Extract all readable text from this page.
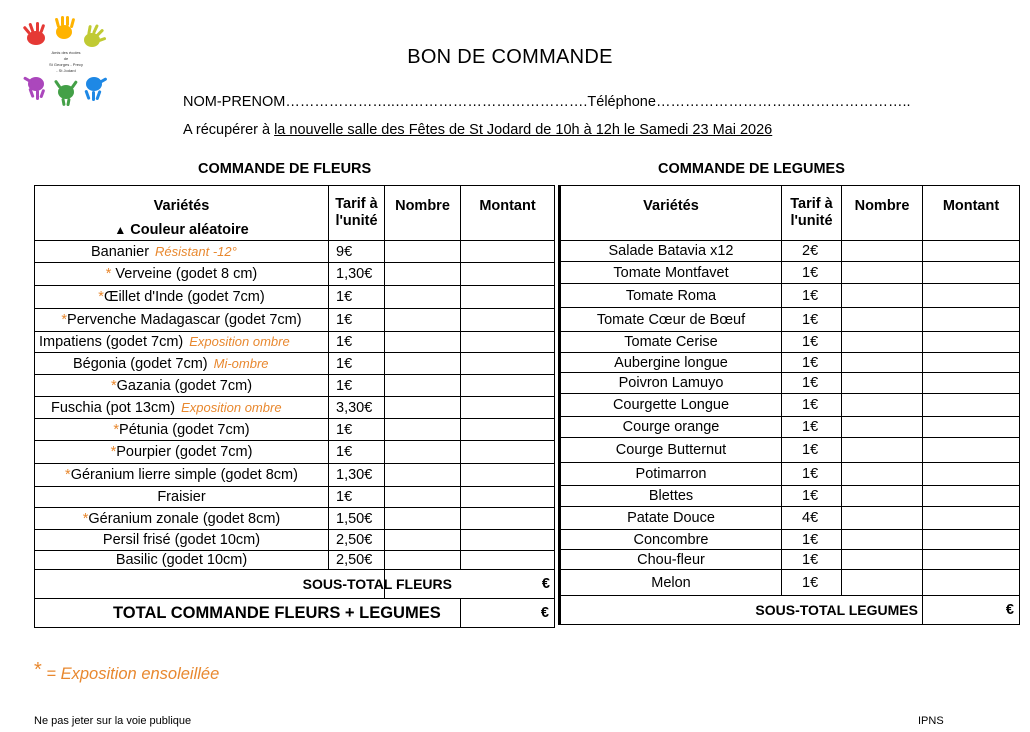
Amis des écoles
de
St Georges - Precy
- St Jodard
BON DE COMMANDE
NOM-PRENOM…………………..………………………………….Téléphone……………………………………………..
A récupérer à la nouvelle salle des Fêtes de St Jodard de 10h à 12h le Samedi 23 Mai 2026
COMMANDE DE FLEURS	COMMANDE DE LEGUMES
Variétés
▲ Couleur aléatoire	Tarif à l'unité	Nombre	Montant
Bananier Résistant -12°	9€		
* Verveine (godet 8 cm)	1,30€		
*Œillet d'Inde (godet 7cm)	1€		
*Pervenche Madagascar (godet 7cm)	1€		
Impatiens (godet 7cm) Exposition ombre	1€		
Bégonia (godet 7cm) Mi-ombre	1€		
*Gazania (godet 7cm)	1€		
Fuschia (pot 13cm) Exposition ombre	3,30€		
*Pétunia (godet 7cm)	1€		
*Pourpier (godet 7cm)	1€		
*Géranium lierre simple (godet 8cm)	1,30€		
Fraisier	1€		
*Géranium zonale (godet 8cm)	1,50€		
Persil frisé (godet 10cm)	2,50€		
Basilic (godet 10cm)	2,50€		

		SOUS-TOTAL FLEURS €	

TOTAL COMMANDE FLEURS + LEGUMES			€
Variétés	Tarif à l'unité	Nombre	Montant
Salade Batavia x12	2€		
Tomate Montfavet	1€		
Tomate Roma	1€		
Tomate Cœur de Bœuf	1€		
Tomate Cerise	1€		
Aubergine longue	1€		
Poivron Lamuyo	1€		
Courgette Longue	1€		
Courge orange	1€		
Courge Butternut	1€		
Potimarron	1€		
Blettes	1€		
Patate Douce	4€		
Concombre	1€		
Chou-fleur	1€		
Melon	1€		
SOUS-TOTAL LEGUMES			€
* = Exposition ensoleillée
Ne pas jeter sur la voie publique	IPNS
